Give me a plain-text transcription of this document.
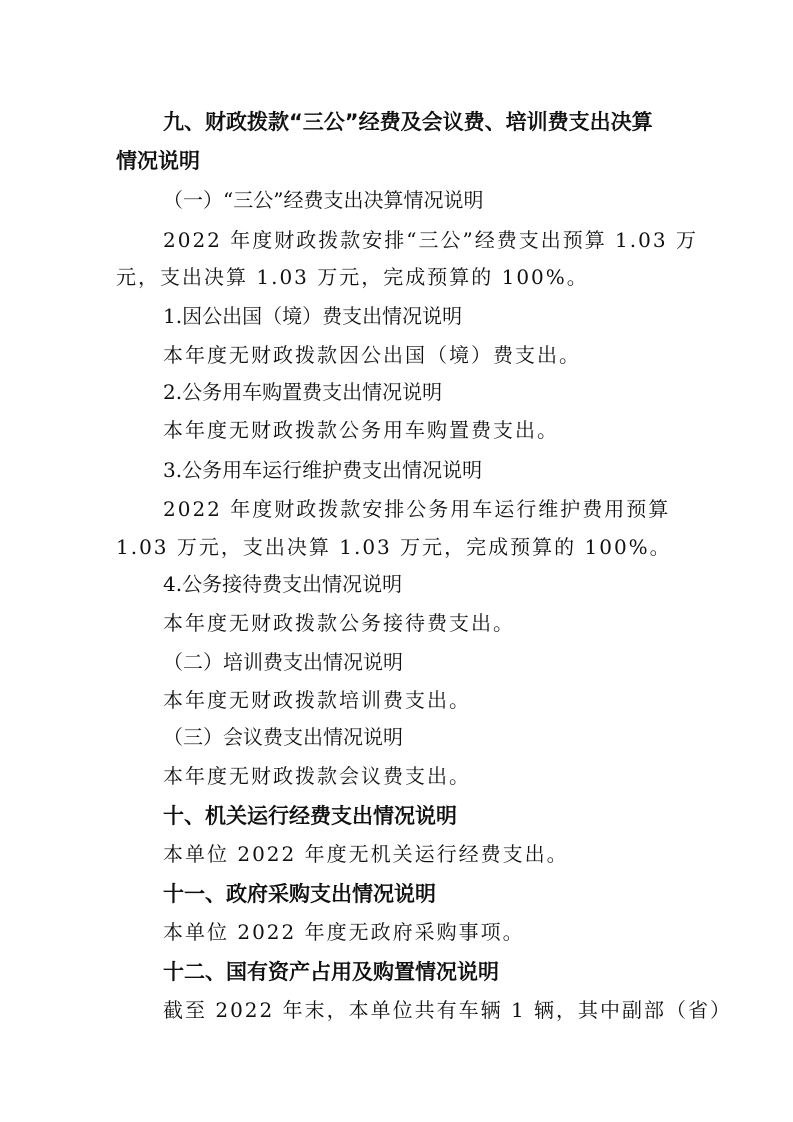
九、财政拨款“三公”经费及会议费、培训费支出决算
情况说明
（一）“三公”经费支出决算情况说明
2022 年度财政拨款安排“三公”经费支出预算 1.03 万
元，支出决算 1.03 万元，完成预算的 100%。
1.因公出国（境）费支出情况说明
本年度无财政拨款因公出国（境）费支出。
2.公务用车购置费支出情况说明
本年度无财政拨款公务用车购置费支出。
3.公务用车运行维护费支出情况说明
2022 年度财政拨款安排公务用车运行维护费用预算
1.03 万元，支出决算 1.03 万元，完成预算的 100%。
4.公务接待费支出情况说明
本年度无财政拨款公务接待费支出。
（二）培训费支出情况说明
本年度无财政拨款培训费支出。
（三）会议费支出情况说明
本年度无财政拨款会议费支出。
十、机关运行经费支出情况说明
本单位 2022 年度无机关运行经费支出。
十一、政府采购支出情况说明
本单位 2022 年度无政府采购事项。
十二、国有资产占用及购置情况说明
截至 2022 年末，本单位共有车辆 1 辆，其中副部（省）
